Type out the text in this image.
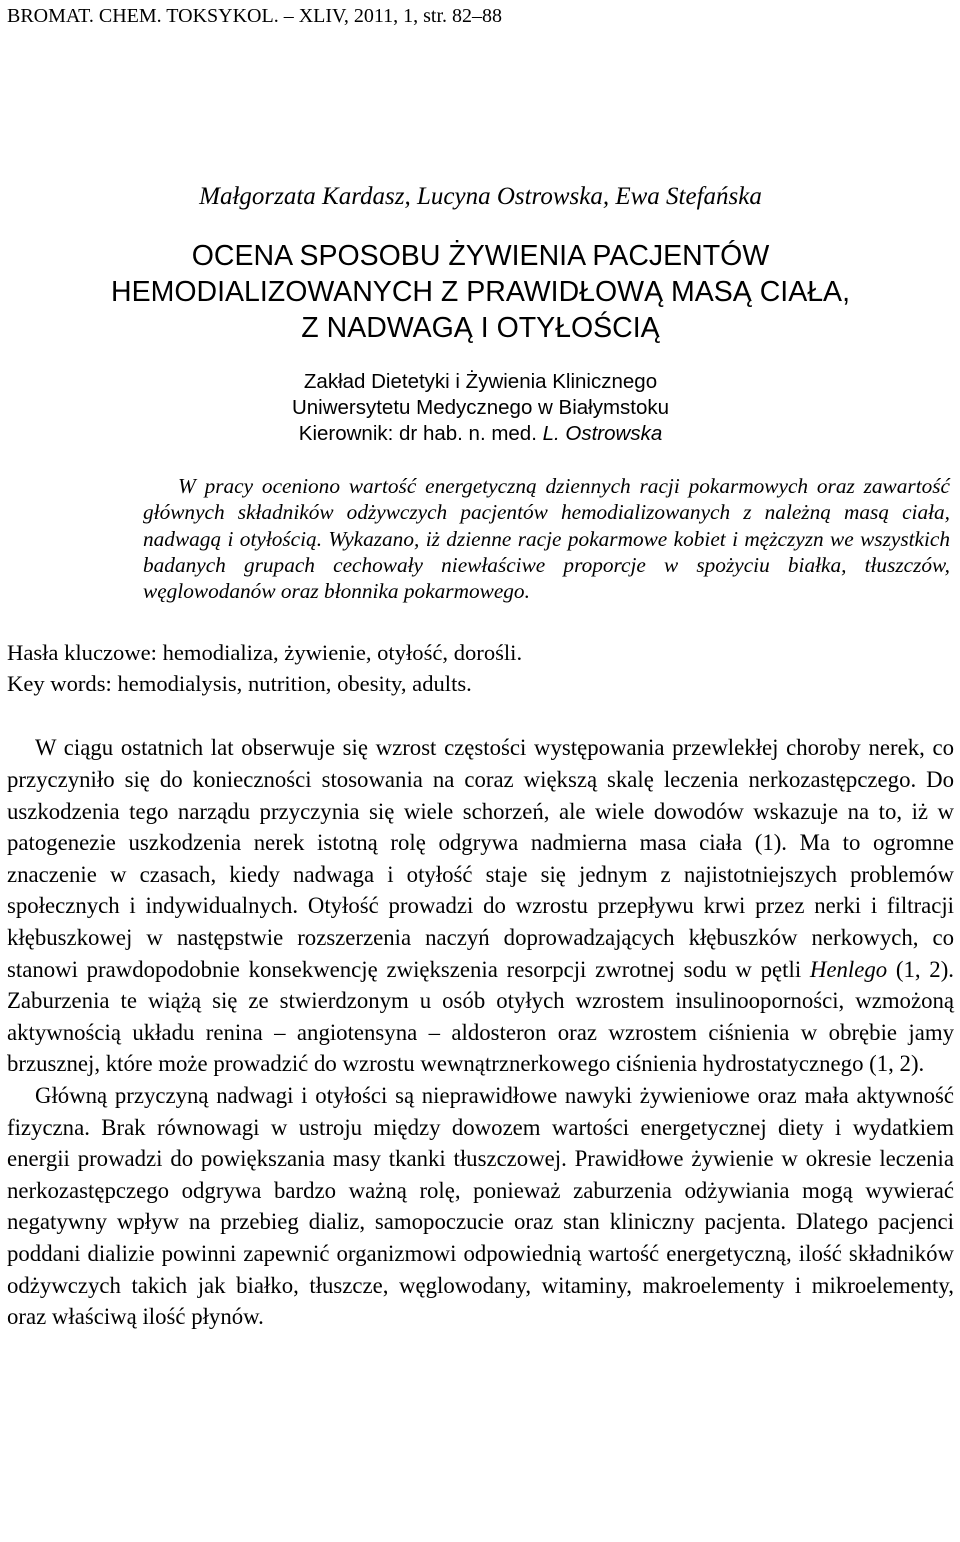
BROMAT. CHEM. TOKSYKOL. – XLIV, 2011, 1, str. 82–88
Małgorzata Kardasz, Lucyna Ostrowska, Ewa Stefańska
OCENA SPOSOBU ŻYWIENIA PACJENTÓW
HEMODIALIZOWANYCH Z PRAWIDŁOWĄ MASĄ CIAŁA,
Z NADWAGĄ I OTYŁOŚCIĄ
Zakład Dietetyki i Żywienia Klinicznego
Uniwersytetu Medycznego w Białymstoku
Kierownik: dr hab. n. med. L. Ostrowska
W pracy oceniono wartość energetyczną dziennych racji pokarmowych oraz zawartość głównych składników odżywczych pacjentów hemodializowanych z należną masą ciała, nadwagą i otyłością. Wykazano, iż dzienne racje pokarmowe kobiet i mężczyzn we wszystkich badanych grupach cechowały niewłaściwe proporcje w spożyciu białka, tłuszczów, węglowodanów oraz błonnika pokarmowego.
Hasła kluczowe: hemodializa, żywienie, otyłość, dorośli.
Key words: hemodialysis, nutrition, obesity, adults.

W ciągu ostatnich lat obserwuje się wzrost częstości występowania przewlekłej choroby nerek, co przyczyniło się do konieczności stosowania na coraz większą skalę leczenia nerkozastępczego. Do uszkodzenia tego narządu przyczynia się wiele schorzeń, ale wiele dowodów wskazuje na to, iż w patogenezie uszkodzenia nerek istotną rolę odgrywa nadmierna masa ciała (1). Ma to ogromne znaczenie w czasach, kiedy nadwaga i otyłość staje się jednym z najistotniejszych problemów społecznych i indywidualnych. Otyłość prowadzi do wzrostu przepływu krwi przez nerki i filtracji kłębuszkowej w następstwie rozszerzenia naczyń doprowadzających kłębuszków nerkowych, co stanowi prawdopodobnie konsekwencję zwiększenia resorpcji zwrotnej sodu w pętli Henlego (1, 2). Zaburzenia te wiążą się ze stwierdzonym u osób otyłych wzrostem insulinooporności, wzmożoną aktywnością układu renina – angiotensyna – aldosteron oraz wzrostem ciśnienia w obrębie jamy brzusznej, które może prowadzić do wzrostu wewnątrznerkowego ciśnienia hydrostatycznego (1, 2).

Główną przyczyną nadwagi i otyłości są nieprawidłowe nawyki żywieniowe oraz mała aktywność fizyczna. Brak równowagi w ustroju między dowozem wartości energetycznej diety i wydatkiem energii prowadzi do powiększania masy tkanki tłuszczowej. Prawidłowe żywienie w okresie leczenia nerkozastępczego odgrywa bardzo ważną rolę, ponieważ zaburzenia odżywiania mogą wywierać negatywny wpływ na przebieg dializ, samopoczucie oraz stan kliniczny pacjenta. Dlatego pacjenci poddani dializie powinni zapewnić organizmowi odpowiednią wartość energetyczną, ilość składników odżywczych takich jak białko, tłuszcze, węglowodany, witaminy, makroelementy i mikroelementy, oraz właściwą ilość płynów.
